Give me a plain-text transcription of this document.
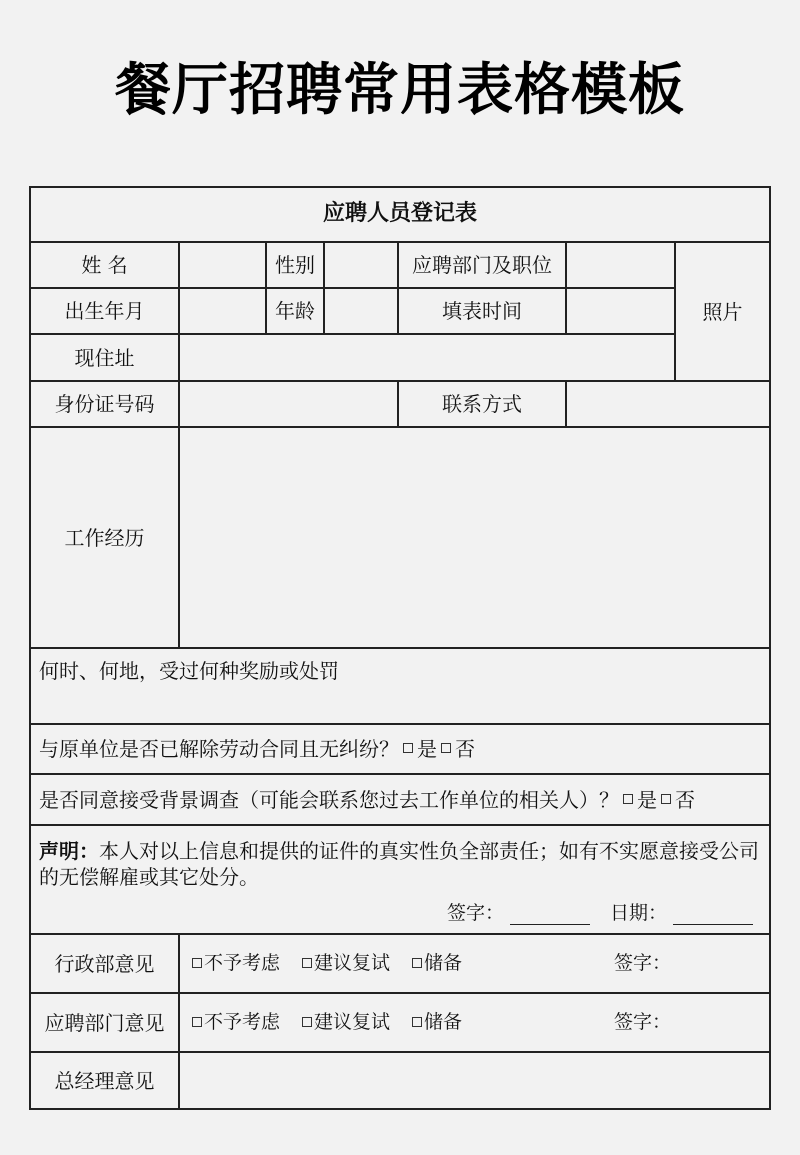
餐厅招聘常用表格模板
应聘人员登记表
姓 名	性别	应聘部门及职位
照片
出生年月	年龄	填表时间
现住址
身份证号码	联系方式
工作经历
何时、何地，受过何种奖励或处罚
与原单位是否已解除劳动合同且无纠纷？ 是 否
是否同意接受背景调查（可能会联系您过去工作单位的相关人）？ 是 否

声明：本人对以上信息和提供的证件的真实性负全部责任；如有不实愿意接受公司的无偿解雇或其它处分。

签字：	日期：
行政部意见	不予考虑 建议复试 储备	签字：
应聘部门意见	不予考虑 建议复试 储备	签字：
总经理意见
